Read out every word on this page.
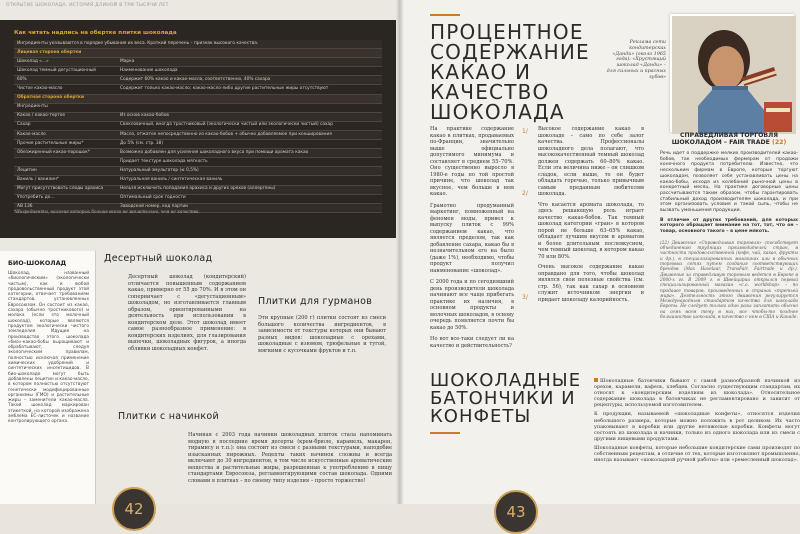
ОТКРЫТИЕ ШОКОЛАДА. ИСТОРИЯ ДЛИНОЙ В ТРИ ТЫСЯЧИ ЛЕТ
Как читать надпись на обертке плитки шоколада
Ингредиенты указываются в порядке убывания их веса. Краткий перечень – признак высокого качества.	
Лицевая сторона обертки	
Шоколад «…»	Марка
Шоколад темный дегустационный	Наименование шоколада
60%	Содержит 60% какао и какао-масла, соответственно, 40% сахара
Чистое какао-масло	Содержит только какао-масло; какао-масло-либо другие растительные жиры отсутствуют
Обратная сторона обертки	
Ингредиенты	
Какао / какао-тертое	Из основ какао-бобов
Сахар	Свекловичный, иногда тростниковый (экологически чистый или экологически чистый) сахар
Какао-масло	Масло, отжатое непосредственно из какао-бобов + обычно добавляемое при конширования
Прочие растительные жиры*	До 5% (см. стр. 38)
Обезжиренный какао-порошок*	Возможно добавлен для усиления шоколадного вкуса при помощи аромата какао
	Придает текстуре шоколада мягкость
Лецитин	Натуральный эмульгатор (≤ 0,5%)
Ваниль / ванилин*	Натуральная ваниль / синтетическая ваниль
Могут присутствовать следы арахиса	Нельзя исключить попадания арахиса и других орехов (аллергены)
Употребить до…	Оптимальный срок годности
АВ 136	Заводской номер, код партии
*Ингредиенты, наличие которых больше всего не желательно, чем не качества.
БИО-ШОКОЛАД
Шоколад, названный «биологическим» (экологически чистым), как и любой продовольственный продукт этой категории, отвечает требованиям стандартов, установленных Евросоюзом. Он состоит из какао, сахара (обычно тростникового) и молока (если это молочный шоколад), которые являются продуктом экологически чистого земледелия. Идущие на производство этого шоколада «био»-какао-бобы выращивают и обрабатывают, следуя экологическим правилам, полностью исключая применение химических удобрений и синтетических инсектицидов. В био-шоколаде могут быть добавлены лецитин и какао-масло, в котором полностью отсутствуют генетически модифицированные организмы (ГМО) и растительные жиры – заменители какао-масла. Такой шоколад маркирован этикеткой, на которой изображена эмблема ЕС-листочек и название контролирующего органа.
Десертный шоколад
Десертный шоколад (кондитерский) отличается повышенным содержанием какао, примерно от 55 до 70%. И в этом он соперничает с «дегустационным» шоколадом, но изготавливается главным образом, ориентированными на деятельность при использовании в кондитерском деле. Этот шоколад имеет самое разнообразное применение: в кондитерских изделиях, для глазирования выпечки, шоколадных фигурок, а иногда обливки шоколадных конфет.
Плитки для гурманов
Эти крупные (200 г) плитки состоят из смеси большого количества ингредиентов, в зависимости от текстуры которых они бывают разных видов: шоколадные с орехами, шоколадные с изюмом, трюфельные и тугой, мягкими с кусочками фруктов и т.п.
Плитки с начинкой
Начиная с 2003 года начинки шоколадных плиток стала напоминать модную в последние время десерты (крем-брюле, карамель, макарон, тирамису и т.п.): она состоит из смеси с разными текстурами, наподобие изысканных пирожных. Рецепты таких начинок сложны и всегда включают до 30 ингредиентов, в том числе искусственные ароматические вещества и растительные жиры, разрешенные к употреблению в пищу стандартами Евросоюза, регламентирующими состав шоколада. Одними словами в плитках – по своему типу изделия – просто торжество!
42
ПРОЦЕНТНОЕ СОДЕРЖАНИЕ КАКАО И КАЧЕСТВО ШОКОЛАДА
Реклама сети кондитерских «Данди» (около 1965 года): «Хрустящий шоколад «Данди» – для сильных и красных зубов»

На практике содержание какао в плитках, продаваемых по-Франции, значительно выше официально допустимого минимума и составляет в среднем 55–70%. Оно существенно выросло в 1980-е годы по той простой причине, что шоколад так вкуснее, чем больше в нем какао.

Грамотно продуманный маркетинг, помноженный на феномен моды, привел к выпуску плиток с 99% содержанием какао, что является пределом, так как добавление сахара, какао бы в незначительном его на было (даже 1%), необходимо, чтобы продукт получил наименование «шоколад».

С 2000 года и по сегодняшний день производители шоколада начинают все чаще прибегать практике их наличия, в основном продукты и молочных шоколадов, в основу очередь появляется почти бы какао до 50%.

Но вот все-таки следует ли на качество и действительность?

1/
2/
3/

Высокое содержание какао в шоколаде – само по себе залог качества. Профессионалы шоколадного дела полагают, что высококачественный темный шоколад должен содержать 60–80% какао. Если эта величина ниже – он слишком сладок, если выше, то он будет обладать горечью, только привычным самым преданным любителям шоколада.

Что касается аромата шоколада, то здесь решающую роль играет качество какао-бобов. Так темный шоколад категории «гран» в котором порой не больше 63–65% какао, обладает лучшим вкусом и ароматом и более длительным послевкусием, чем темный шоколад, в котором какао 70 или 80%.

Очень высокое содержание какао оправдано для того, чтобы шоколад являлся свои полезные свойства (см. стр. 56), так как сахар в основном служит источником энергии и придает шоколаду калорийность.

СПРАВЕДЛИВАЯ ТОРГОВЛЯ ШОКОЛАДОМ – FAIR TRADE (22)

Речь идет о поддержке мелких производителей какао-бобов, так необходимых фермерам от продажи конечного продукта потребителю. Известно, что нескольким фирмам в Европе, которые торгуют шоколадом, позволяет себя устанавливать цены на какао-бобы, исходя из колебаний рыночной цены в конкретный месяц. На практике договорные цены рассчитываются таким образом, чтобы гарантировать стабильный доход производителям шоколада, и при этом организовать условия и такой сыпь, чтобы не вызвать уменьшения продукции.

В отличие от других требований, для которых которого обращает внимание на тот, тот, что он – товар, основного такого – в цене мякоть.

(22) Движение «Справедливая торговля» способствует объединению трудящих производителей стран, в частности продовольственной (кофе, чай, какао, фрукты и др.), в специализированных магазинах или в обычных торговых сетях путем создания соответствующих брендов (Max Havelaar, TransFair, Fairtrade и др.). Движение за справедливую торговлю ведется в Европе в 2000-х гг. В 2009 г. в Швейцарии открылся первый специализированный магазин «c.o. worldshop» – по продаже товаров, произведенных в странах «третьей мира». Деятельность этого движения регулируется Международным стандартом качества для шоколада Европы. Не следует только один разы заплатить обычно на семь всем тему в них, все чтобы-то позднее большинство шоколада, в качество с нем в США и Канаде.
ШОКОЛАДНЫЕ БАТОНЧИКИ И КОНФЕТЫ

Шоколадные батончики бывают с самой разнообразной начинкой из орехов, карамели, вафель, хлебцев. Согласно существующим стандартам, их относят к «кондитерским изделиям из шоколада». Относительное содержание шоколада в батончиках не регламентировано и зависит от рецептуры, используемой изготовителем.

К продукции, называемой «шоколадные конфеты», относятся изделия небольшого размера, которые можно положить в рот целиком. Их часто упаковывают в коробки или другие нетяжелые коробки. Конфеты могут состоять из шоколада и начинки, только из одного шоколада или из смеси с другими пищевыми продуктами.

Шоколадные конфеты, которые небольшие кондитерские сами производят по собственным рецептам, в отличие от тех, которые изготовляют промышленно, иногда называют «шоколадной ручной работы» или «ремесленный шоколад».

43
